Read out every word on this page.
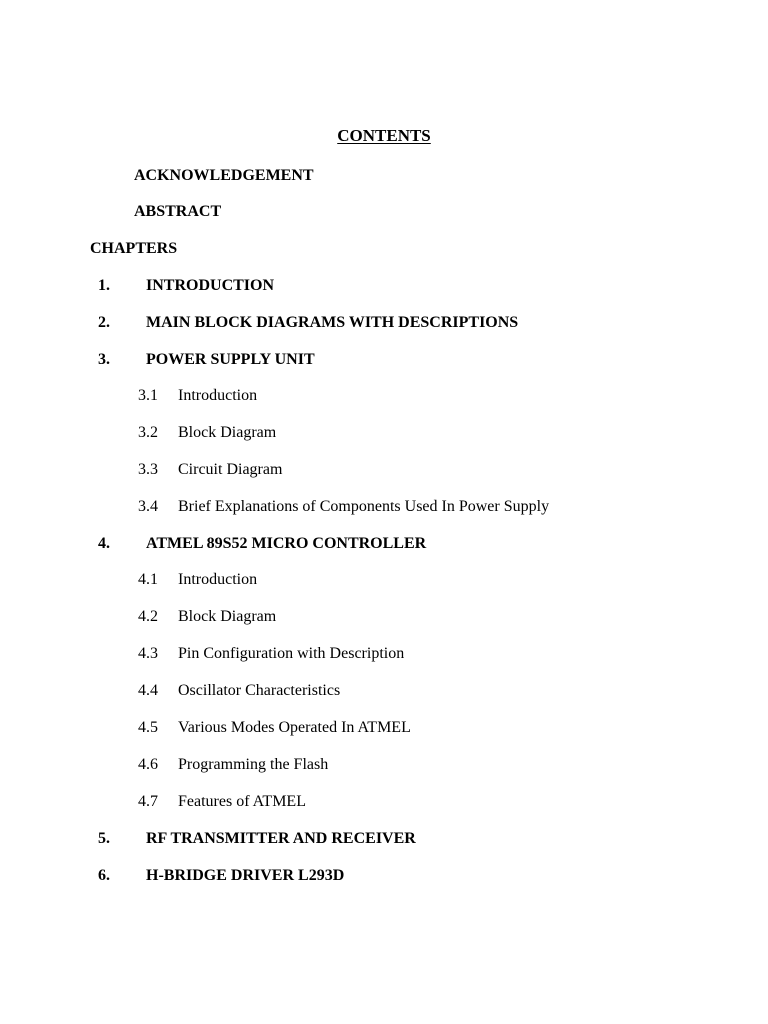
CONTENTS
ACKNOWLEDGEMENT
ABSTRACT
CHAPTERS
1. INTRODUCTION
2. MAIN BLOCK DIAGRAMS WITH DESCRIPTIONS
3. POWER SUPPLY UNIT
3.1 Introduction
3.2 Block Diagram
3.3 Circuit Diagram
3.4 Brief Explanations of Components Used In Power Supply
4. ATMEL 89S52 MICRO CONTROLLER
4.1 Introduction
4.2 Block Diagram
4.3 Pin Configuration with Description
4.4 Oscillator Characteristics
4.5 Various Modes Operated In ATMEL
4.6 Programming the Flash
4.7 Features of ATMEL
5. RF TRANSMITTER AND RECEIVER
6. H-BRIDGE DRIVER L293D
